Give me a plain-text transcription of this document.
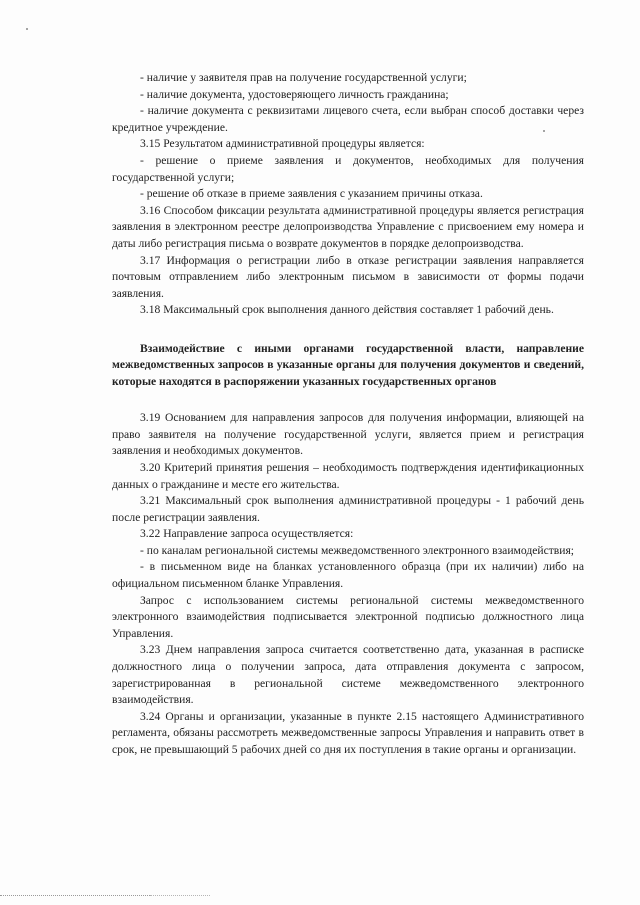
- наличие у заявителя прав на получение государственной услуги;

- наличие документа, удостоверяющего личность гражданина;

- наличие документа с реквизитами лицевого счета, если выбран способ доставки через кредитное учреждение.

3.15 Результатом административной процедуры является:

- решение о приеме заявления и документов, необходимых для получения государственной услуги;

- решение об отказе в приеме заявления с указанием причины отказа.

3.16 Способом фиксации результата административной процедуры является регистрация заявления в электронном реестре делопроизводства Управление с присвоением ему номера и даты либо регистрация письма о возврате документов в порядке делопроизводства.

3.17 Информация о регистрации либо в отказе регистрации заявления направляется почтовым отправлением либо электронным письмом в зависимости от формы подачи заявления.

3.18 Максимальный срок выполнения данного действия составляет 1 рабочий день.

Взаимодействие с иными органами государственной власти, направление межведомственных запросов в указанные органы для получения документов и сведений, которые находятся в распоряжении указанных государственных органов

3.19 Основанием для направления запросов для получения информации, влияющей на право заявителя на получение государственной услуги, является прием и регистрация заявления и необходимых документов.

3.20 Критерий принятия решения – необходимость подтверждения идентификационных данных о гражданине и месте его жительства.

3.21 Максимальный срок выполнения административной процедуры - 1 рабочий день после регистрации заявления.

3.22 Направление запроса осуществляется:

- по каналам региональной системы межведомственного электронного взаимодействия;

- в письменном виде на бланках установленного образца (при их наличии) либо на официальном письменном бланке Управления.

Запрос с использованием системы региональной системы межведомственного электронного взаимодействия подписывается электронной подписью должностного лица Управления.

3.23 Днем направления запроса считается соответственно дата, указанная в расписке должностного лица о получении запроса, дата отправления документа с запросом, зарегистрированная в региональной системе межведомственного электронного взаимодействия.

3.24 Органы и организации, указанные в пункте 2.15 настоящего Административного регламента, обязаны рассмотреть межведомственные запросы Управления и направить ответ в срок, не превышающий 5 рабочих дней со дня их поступления в такие органы и организации.
